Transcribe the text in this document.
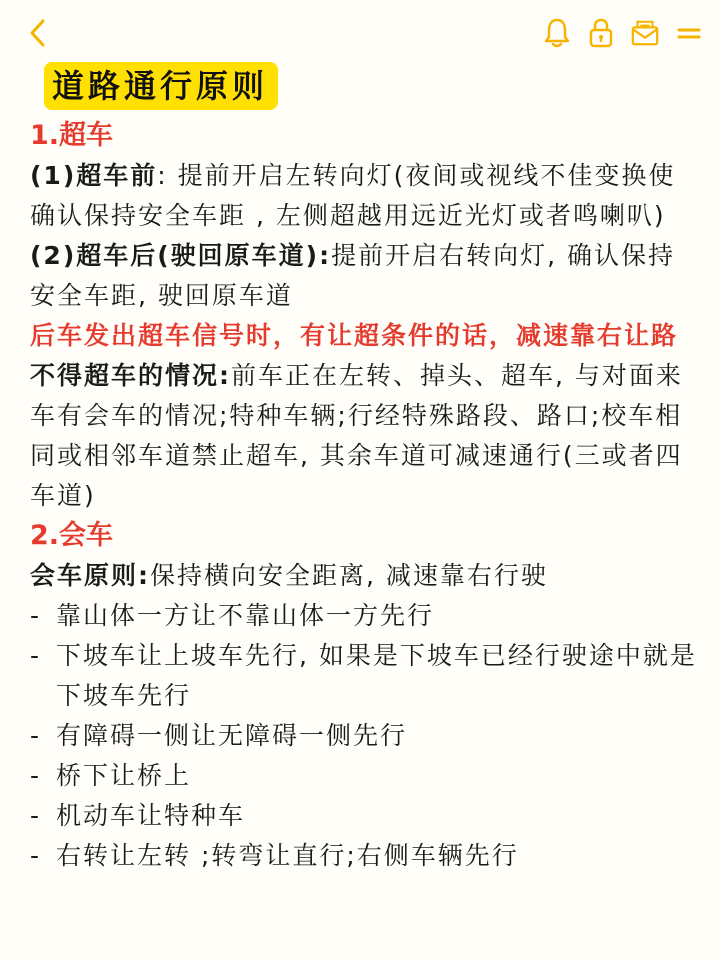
道路通行原则

1.超车

(1)超车前: 提前开启左转向灯(夜间或视线不佳变换使确认保持安全车距 , 左侧超越用远近光灯或者鸣喇叭)

(2)超车后(驶回原车道):提前开启右转向灯, 确认保持安全车距, 驶回原车道

后车发出超车信号时，有让超条件的话，减速靠右让路

不得超车的情况:前车正在左转、掉头、超车, 与对面来车有会车的情况;特种车辆;行经特殊路段、路口;校车相同或相邻车道禁止超车, 其余车道可减速通行(三或者四车道)

2.会车

会车原则:保持横向安全距离, 减速靠右行驶

- 靠山体一方让不靠山体一方先行
- 下坡车让上坡车先行, 如果是下坡车已经行驶途中就是下坡车先行
- 有障碍一侧让无障碍一侧先行
- 桥下让桥上
- 机动车让特种车
- 右转让左转 ;转弯让直行;右侧车辆先行
